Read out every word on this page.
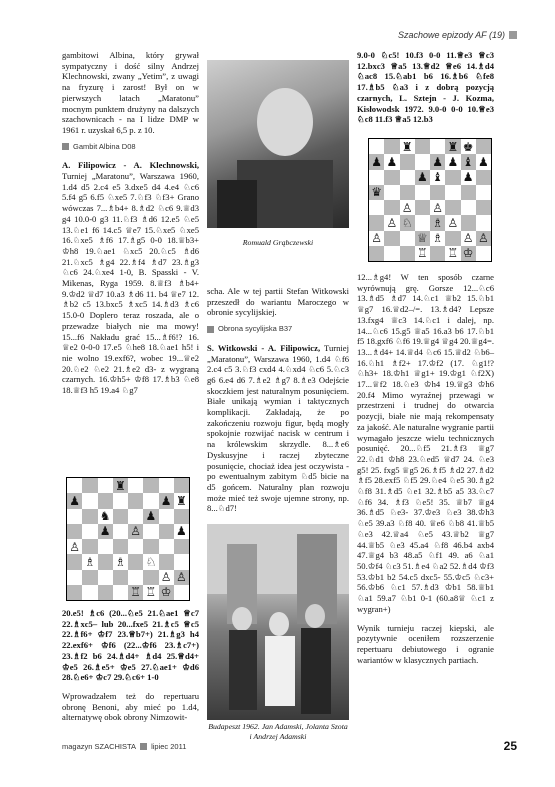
Szachowe epizody AF (19)

gambitowi Albina, który grywał sympatyczny i dość silny Andrzej Klechnowski, zwany „Yetim”, z uwagi na fryzurę i zarost! Był on w pierwszych latach „Maratonu” mocnym punktem drużyny na dalszych szachownicach - na I lidze DMP w 1961 r. uzyskał 6,5 p. z 10.

Gambit Albina D08

A. Filipowicz - A. Klechnowski, Turniej „Maratonu”, Warszawa 1960, 1.d4 d5 2.c4 e5 3.dxe5 d4 4.e4 ♘c6 5.f4 g5 6.f5 ♘xe5 7.♘f3 ♘f3+ Grano wówczas 7...♗b4+ 8.♗d2 ♘c6 9.♕d3 g4 10.0-0 g3 11.♘f3 ♗d6 12.e5 ♘e5 13.♘e1 f6 14.c5 ♕e7 15.♘xe5 ♘xe5 16.♘xe5 ♗f6 17.♗g5 0-0 18.♕b3+ ♔h8 19.♘ae1 ♘xc5 20.♘c5 ♗d6 21.♘xc5 ♗g4 22.♗f4 ♗d7 23.♗g3 ♘c6 24.♘xe4 1-0, B. Spasski - V. Mikenas, Ryga 1959. 8.♕f3 ♗b4+ 9.♔d2 ♕d7 10.a3 ♗d6 11. b4 ♕e7 12. ♗b2 c5 13.bxc5 ♗xc5 14.♗d3 ♗c6 15.0-0 Doplero teraz roszada, ale o przewadze białych nie ma mowy! 15...f6 Nakładu grać 15...♗f6!? 16. ♕e2 0-0-0 17.e5 ♘he8 18.♘ae1 h5! i nie wolno 19.exf6?, wobec 19...♕e2 20.♘e2 ♘e2 21.♗e2 d3- z wygraną czarnych. 16.♔h5+ ♔f8 17.♗b3 ♘e8 18.♕f3 h5 19.a4 ♘g7

♜
♟	♟ ♜
♞	♟
♟ ♙	♟
♙
♗ ♗ ♘
♙ ♙
♖ ♖ ♔

20.e5! ♗c6 (20...♘e5 21.♘ae1 ♕c7 22.♗xc5– lub 20...fxe5 21.♗c5 ♕c5 22.♗f6+ ♔f7 23.♕b7+) 21.♗g3 h4 22.exf6+ ♔f6 (22...♔f6 23.♗c7+) 23.♗f2 b6 24.♗d4+ ♗d4 25.♕d4+ ♔e5 26.♗e5+ ♔e5 27.♘ae1+ ♔d6 28.♘e6+ ♔c7 29.♘c6+ 1-0

Wprowadzałem też do repertuaru obronę Benoni, aby mieć po 1.d4, alternatywę obok obrony Nimzowit-

Romuald Grąbczewski

scha. Ale w tej partii Stefan Witkowski przeszedł do wariantu Maroczego w obronie sycylijskiej.

Obrona sycylijska B37

S. Witkowski - A. Filipowicz, Turniej „Maratonu”, Warszawa 1960, 1.d4 ♘f6 2.c4 c5 3.♘f3 cxd4 4.♘xd4 ♘c6 5.♘c3 g6 6.e4 d6 7.♗e2 ♗g7 8.♗e3 Odejście skoczkiem jest naturalnym posunięciem. Białe unikają wymian i taktycznych komplikacji. Zakładają, że po zakończeniu rozwoju figur, będą mogły spokojnie rozwijać nacisk w centrum i na królewskim skrzydle. 8...♗e6 Dyskusyjne i raczej zbyteczne posunięcie, chociaż idea jest oczywista - po ewentualnym zabitym ♘d5 bicie na d5 gońcem. Naturalny plan rozwoju może mieć też swoje ujemne strony, np. 8...♘d7!

Budapeszt 1962. Jan Adamski, Jolanta Szota i Andrzej Adamski

9.0-0 ♘c5! 10.f3 0-0 11.♕e3 ♕c3 12.bxc3 ♕a5 13.♕d2 ♕e6 14.♗d4 ♘ac8 15.♘ab1 b6 16.♗b6 ♘fe8 17.♗b5 ♘a3 i z dobrą pozycją czarnych, L. Sztejn - J. Kozma, Kisłowodsk 1972. 9.0-0 0-0 10.♕e3 ♘c8 11.f3 ♕a5 12.b3

♜	♜ ♚
♟ ♟	♟ ♟ ♝ ♟
♟ ♝ ♟
♛
♙ ♙
♙ ♘ ♗ ♙
♙	♕ ♗ ♙ ♙
♖ ♖ ♔

12...♗g4! W ten sposób czarne wyrównują grę. Gorsze 12...♘c6 13.♗d5 ♗d7 14.♘c1 ♕b2 15.♘b1 ♕g7 16.♕d2–/=. 13.♗d4? Lepsze 13.fxg4 ♕c3 14.♘c1 i dalej, np. 14...♘c6 15.g5 ♕a5 16.a3 b6 17.♘b1 f5 18.gxf6 ♘f6 19.♕g4 ♕g4 20.♕g4=. 13...♗d4+ 14.♕d4 ♘c6 15.♕d2 ♘b6–16.♘h1 ♗f2+ 17.♔f2 (17. ♘g1!? ♘h3+ 18.♔h1 ♕g1+ 19.♔g1 ♘f2X) 17...♕f2 18.♘e3 ♔h4 19.♕g3 ♔h6 20.f4 Mimo wyraźnej przewagi w przestrzeni i trudnej do otwarcia pozycji, białe nie mają rekompensaty za jakość. Ale naturalne wygranie partii wymagało jeszcze wielu technicznych posunięć. 20...♘f5 21.♗f3 ♕g7 22.♘d1 ♔h8 23.♘ed5 ♕d7 24. ♘e3 g5! 25. fxg5 ♕g5 26.♗f5 ♗d2 27.♗d2 ♗f5 28.exf5 ♘f5 29.♘e4 ♘e5 30.♗g2 ♘f8 31.♗d5 ♘e1 32.♗b5 a5 33.♘c7 ♘f6 34. ♗f3 ♘e5! 35. ♕b7 ♕g4 36.♗d5 ♘e3- 37.♔e3 ♘e3 38.♔h3 ♘e5 39.a3 ♘f8 40. ♕e6 ♘b8 41.♕b5 ♘e3 42.♕a4 ♘e5 43.♕b2 ♕g7 44.♕b5 ♘e3 45.a4 ♘f8 46.b4 axb4 47.♕g4 b3 48.a5 ♘f1 49. a6 ♘a1 50.♔f4 ♘c3 51.♗e4 ♘a2 52.♗d4 ♔f3 53.♔b1 b2 54.c5 dxc5- 55.♔c5 ♘c3+ 56.♔b6 ♘c1 57.♗d3 ♔b1 58.♕b1 ♘a1 59.a7 ♘b1 0-1 (60.a8♕ ♘c1 z wygran+)

Wynik turnieju raczej kiepski, ale pozytywnie oceniłem rozszerzenie repertuaru debiutowego i ogranie wariantów w klasycznych partiach.

magazyn SZACHISTA lipiec 2011	25
